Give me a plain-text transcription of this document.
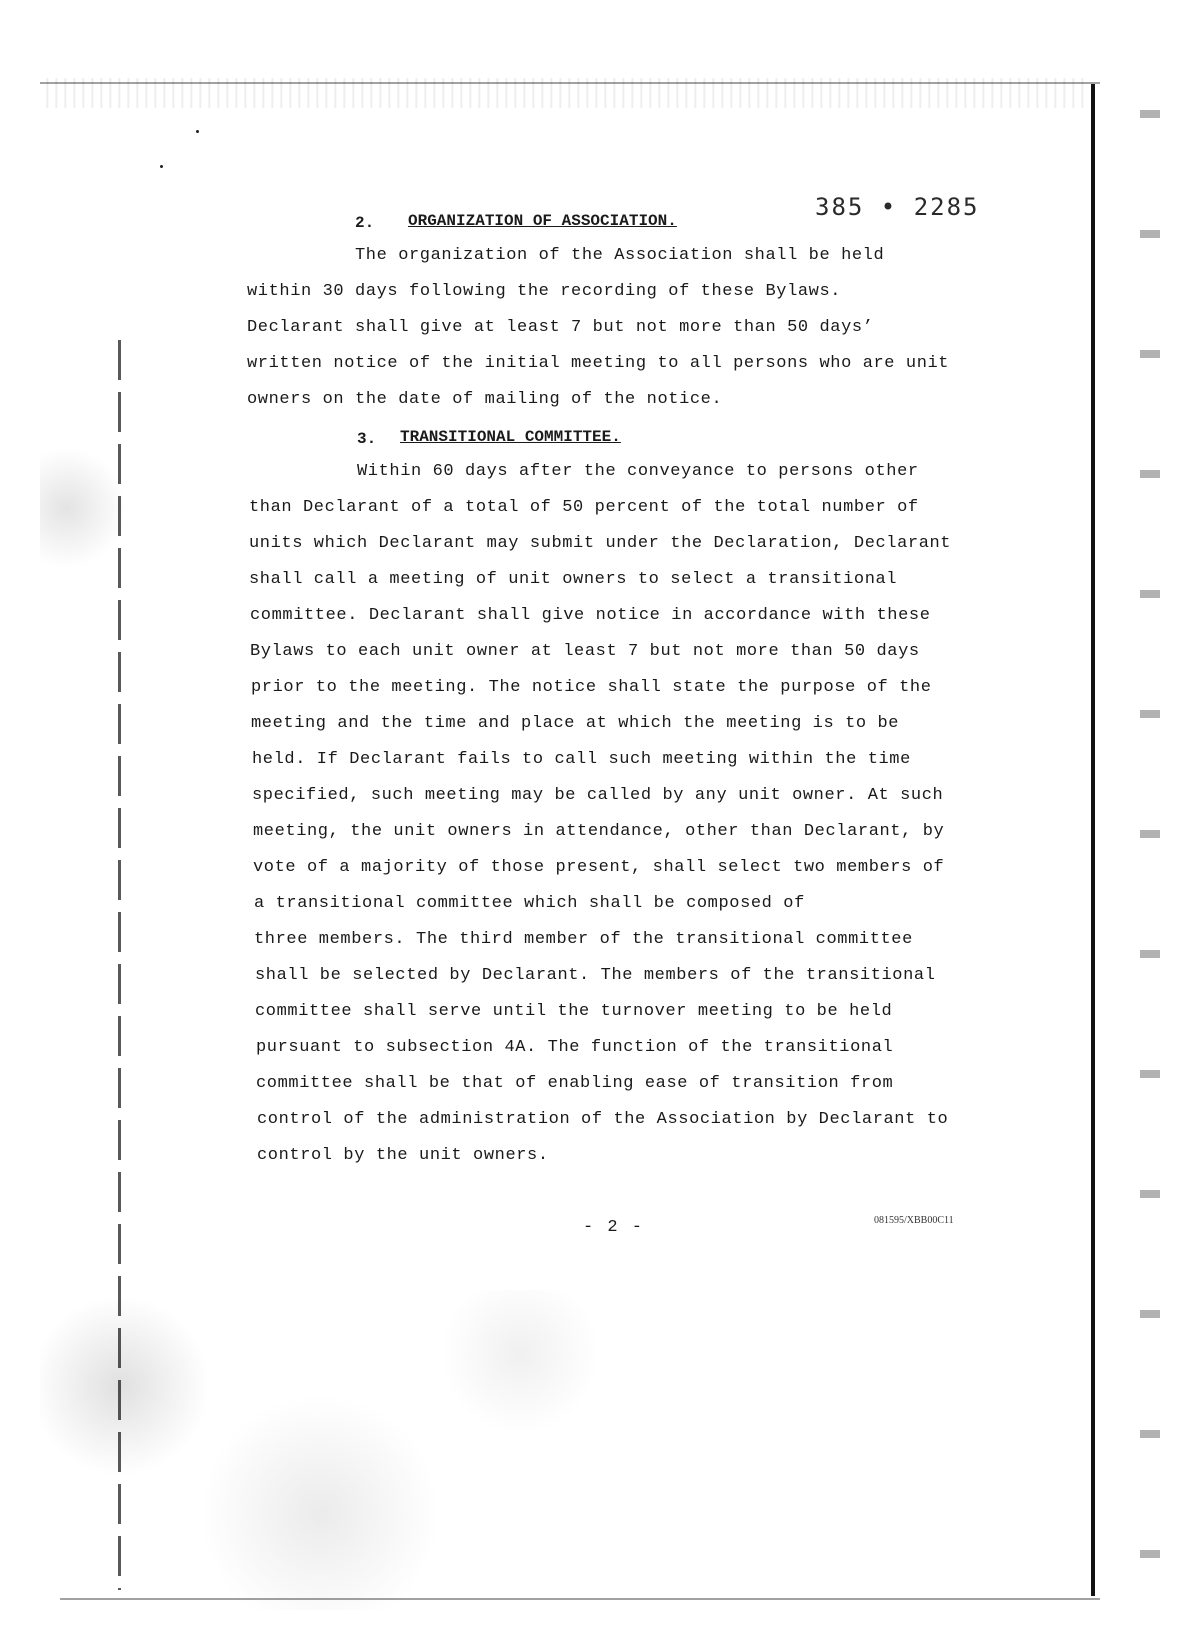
385 • 2285
2. ORGANIZATION OF ASSOCIATION.
The organization of the Association shall be held
within 30 days following the recording of these Bylaws.
Declarant shall give at least 7 but not more than 50 days’
written notice of the initial meeting to all persons who are unit
owners on the date of mailing of the notice.
3. TRANSITIONAL COMMITTEE.
Within 60 days after the conveyance to persons other
than Declarant of a total of 50 percent of the total number of
units which Declarant may submit under the Declaration, Declarant
shall call a meeting of unit owners to select a transitional
committee. Declarant shall give notice in accordance with these
Bylaws to each unit owner at least 7 but not more than 50 days
prior to the meeting. The notice shall state the purpose of the
meeting and the time and place at which the meeting is to be
held. If Declarant fails to call such meeting within the time
specified, such meeting may be called by any unit owner. At such
meeting, the unit owners in attendance, other than Declarant, by
vote of a majority of those present, shall select two members of
a transitional committee which shall be composed of
three members. The third member of the transitional committee
shall be selected by Declarant. The members of the transitional
committee shall serve until the turnover meeting to be held
pursuant to subsection 4A. The function of the transitional
committee shall be that of enabling ease of transition from
control of the administration of the Association by Declarant to
control by the unit owners.
- 2 -	081595/XBB00C11
